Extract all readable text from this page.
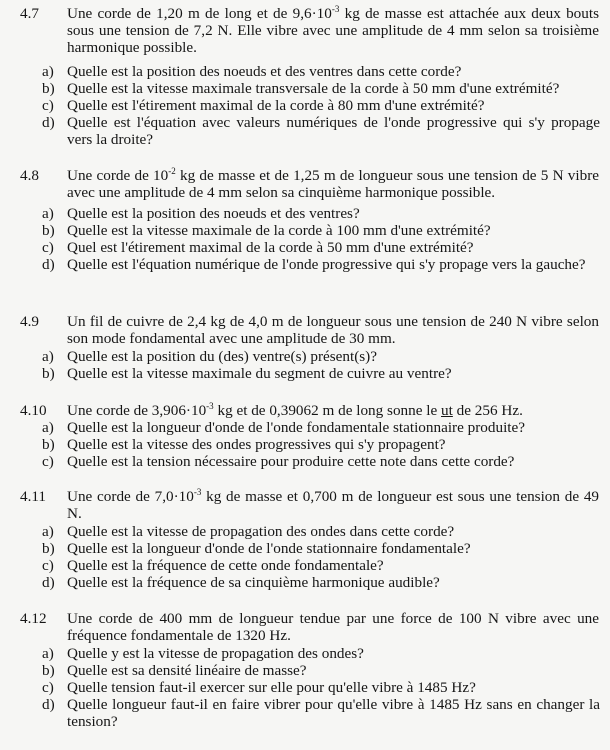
4.7 Une corde de 1,20 m de long et de $9,6\cdot 10^{-3}$ kg de masse est attachée aux deux bouts sous une tension de 7,2 N. Elle vibre avec une amplitude de 4 mm selon sa troisième harmonique possible.
a) Quelle est la position des noeuds et des ventres dans cette corde?
b) Quelle est la vitesse maximale transversale de la corde à 50 mm d'une extrémité?
c) Quelle est l'étirement maximal de la corde à 80 mm d'une extrémité?
d) Quelle est l'équation avec valeurs numériques de l'onde progressive qui s'y propage vers la droite?
4.8 Une corde de $10^{-2}$ kg de masse et de 1,25 m de longueur sous une tension de 5 N vibre avec une amplitude de 4 mm selon sa cinquième harmonique possible.
a) Quelle est la position des noeuds et des ventres?
b) Quelle est la vitesse maximale de la corde à 100 mm d'une extrémité?
c) Quel est l'étirement maximal de la corde à 50 mm d'une extrémité?
d) Quelle est l'équation numérique de l'onde progressive qui s'y propage vers la gauche?
4.9 Un fil de cuivre de 2,4 kg de 4,0 m de longueur sous une tension de 240 N vibre selon son mode fondamental avec une amplitude de 30 mm.
a) Quelle est la position du (des) ventre(s) présent(s)?
b) Quelle est la vitesse maximale du segment de cuivre au ventre?
4.10 Une corde de $3,906\cdot 10^{-3}$ kg et de 0,39062 m de long sonne le ut de 256 Hz.
a) Quelle est la longueur d'onde de l'onde fondamentale stationnaire produite?
b) Quelle est la vitesse des ondes progressives qui s'y propagent?
c) Quelle est la tension nécessaire pour produire cette note dans cette corde?
4.11 Une corde de $7,0\cdot 10^{-3}$ kg de masse et 0,700 m de longueur est sous une tension de 49 N.
a) Quelle est la vitesse de propagation des ondes dans cette corde?
b) Quelle est la longueur d'onde de l'onde stationnaire fondamentale?
c) Quelle est la fréquence de cette onde fondamentale?
d) Quelle est la fréquence de sa cinquième harmonique audible?
4.12 Une corde de 400 mm de longueur tendue par une force de 100 N vibre avec une fréquence fondamentale de 1320 Hz.
a) Quelle y est la vitesse de propagation des ondes?
b) Quelle est sa densité linéaire de masse?
c) Quelle tension faut-il exercer sur elle pour qu'elle vibre à 1485 Hz?
d) Quelle longueur faut-il en faire vibrer pour qu'elle vibre à 1485 Hz sans en changer la tension?
